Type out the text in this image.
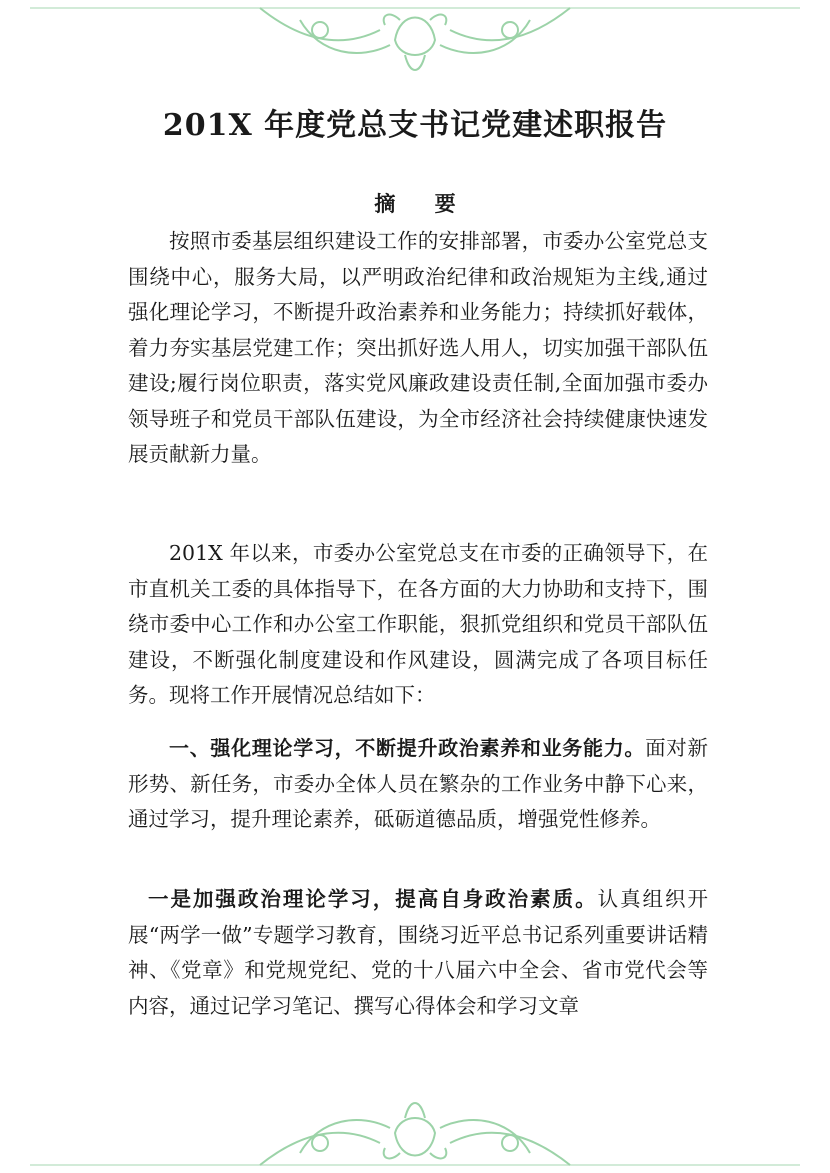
201X 年度党总支书记党建述职报告
摘 要
按照市委基层组织建设工作的安排部署，市委办公室党总支围绕中心，服务大局，以严明政治纪律和政治规矩为主线,通过强化理论学习，不断提升政治素养和业务能力；持续抓好载体，着力夯实基层党建工作；突出抓好选人用人，切实加强干部队伍建设;履行岗位职责，落实党风廉政建设责任制,全面加强市委办领导班子和党员干部队伍建设，为全市经济社会持续健康快速发展贡献新力量。
201X 年以来，市委办公室党总支在市委的正确领导下，在市直机关工委的具体指导下，在各方面的大力协助和支持下，围绕市委中心工作和办公室工作职能，狠抓党组织和党员干部队伍建设，不断强化制度建设和作风建设，圆满完成了各项目标任务。现将工作开展情况总结如下：
一、强化理论学习，不断提升政治素养和业务能力。面对新形势、新任务，市委办全体人员在繁杂的工作业务中静下心来，通过学习，提升理论素养，砥砺道德品质，增强党性修养。
一是加强政治理论学习，提高自身政治素质。认真组织开展“两学一做”专题学习教育，围绕习近平总书记系列重要讲话精神、《党章》和党规党纪、党的十八届六中全会、省市党代会等内容，通过记学习笔记、撰写心得体会和学习文章
